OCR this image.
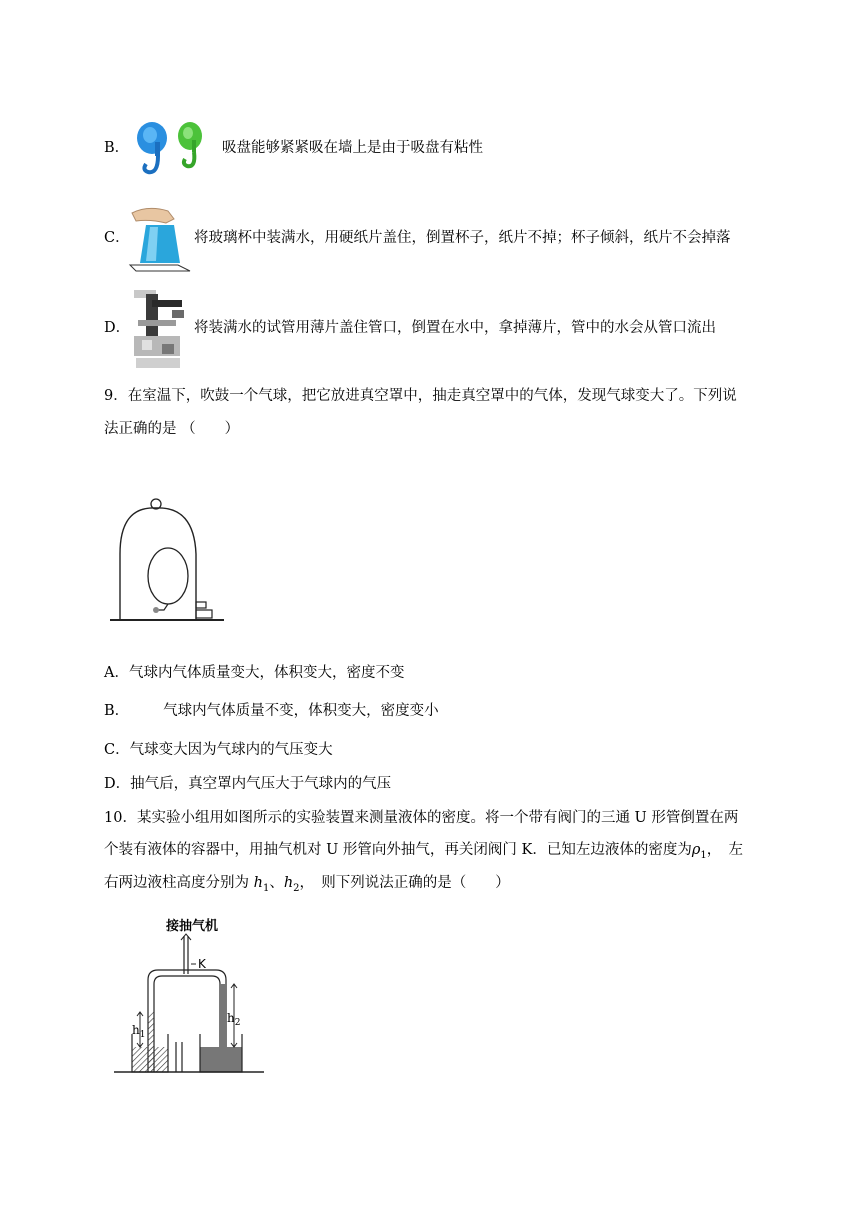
B．	吸盘能够紧紧吸在墙上是由于吸盘有粘性
C．	将玻璃杯中装满水，用硬纸片盖住，倒置杯子，纸片不掉；杯子倾斜，纸片不会掉落
D．	将装满水的试管用薄片盖住管口，倒置在水中，拿掉薄片，管中的水会从管口流出
9．在室温下，吹鼓一个气球，把它放进真空罩中，抽走真空罩中的气体，发现气球变大了。下列说
法正确的是 （　　）
A．气球内气体质量变大，体积变大，密度不变
B． 气球内气体质量不变，体积变大，密度变小
C．气球变大因为气球内的气压变大
D．抽气后，真空罩内气压大于气球内的气压
10．某实验小组用如图所示的实验装置来测量液体的密度。将一个带有阀门的三通 U 形管倒置在两
个装有液体的容器中，用抽气机对 U 形管向外抽气，再关闭阀门 K．已知左边液体的密度为$\rho_1$，　左
右两边液柱高度分别为 $h_1$、$h_2$，　则下列说法正确的是（　　）
接抽气机
K
$h_1$
$h_2$
